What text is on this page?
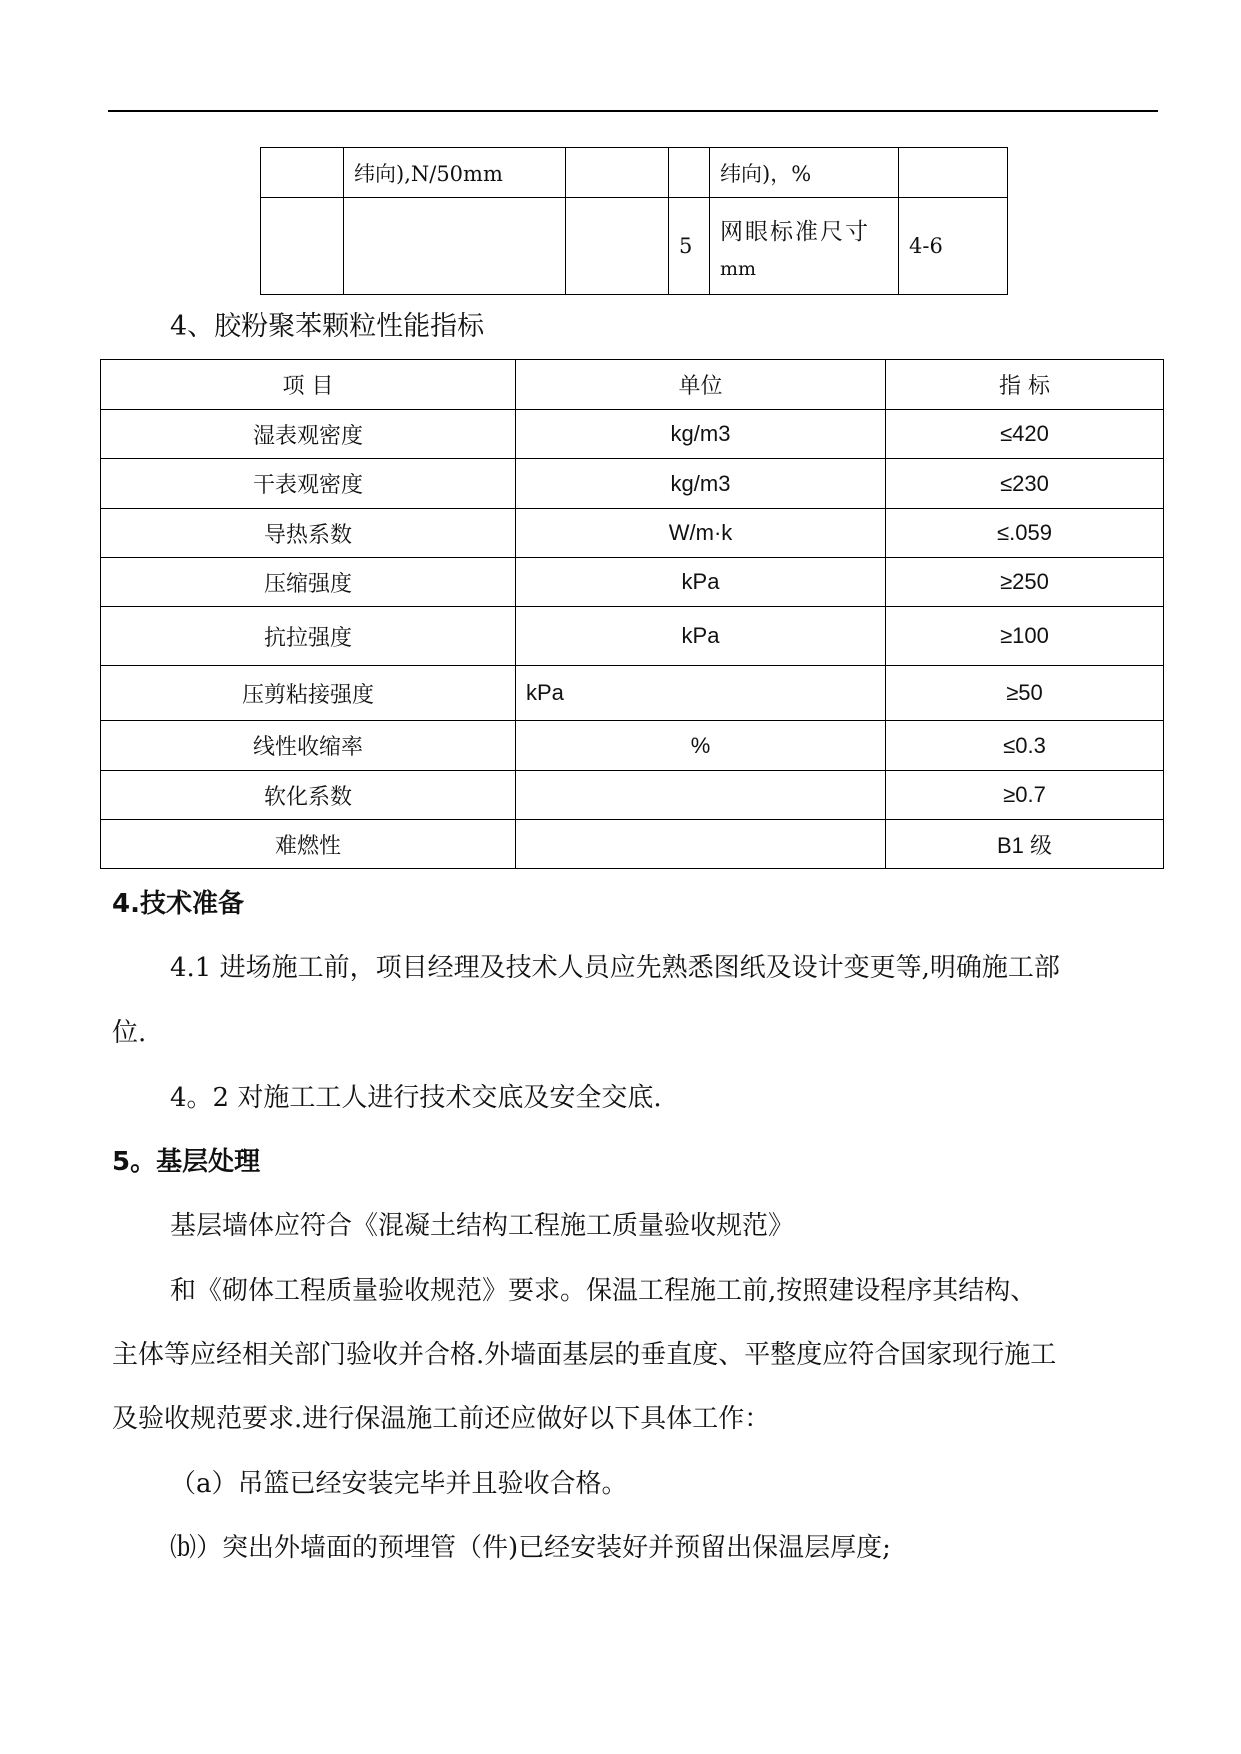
	纬向),N/50mm			纬向)，%	
			5	网眼标准尺寸
mm	4-6
4、胶粉聚苯颗粒性能指标
项 目	单位	指 标
湿表观密度	kg/m3	≤420
干表观密度	kg/m3	≤230
导热系数	W/m·k	≤.059
压缩强度	kPa	≥250
抗拉强度	kPa	≥100
压剪粘接强度	kPa	≥50
线性收缩率	%	≤0.3
软化系数		≥0.7
难燃性		B1 级
4.技术准备
4.1 进场施工前，项目经理及技术人员应先熟悉图纸及设计变更等,明确施工部
位.
4。2 对施工工人进行技术交底及安全交底.
5。基层处理
基层墙体应符合《混凝土结构工程施工质量验收规范》
和《砌体工程质量验收规范》要求。保温工程施工前,按照建设程序其结构、
主体等应经相关部门验收并合格.外墙面基层的垂直度、平整度应符合国家现行施工
及验收规范要求.进行保温施工前还应做好以下具体工作：
（a）吊篮已经安装完毕并且验收合格。
⒝）突出外墙面的预埋管（件)已经安装好并预留出保温层厚度;
